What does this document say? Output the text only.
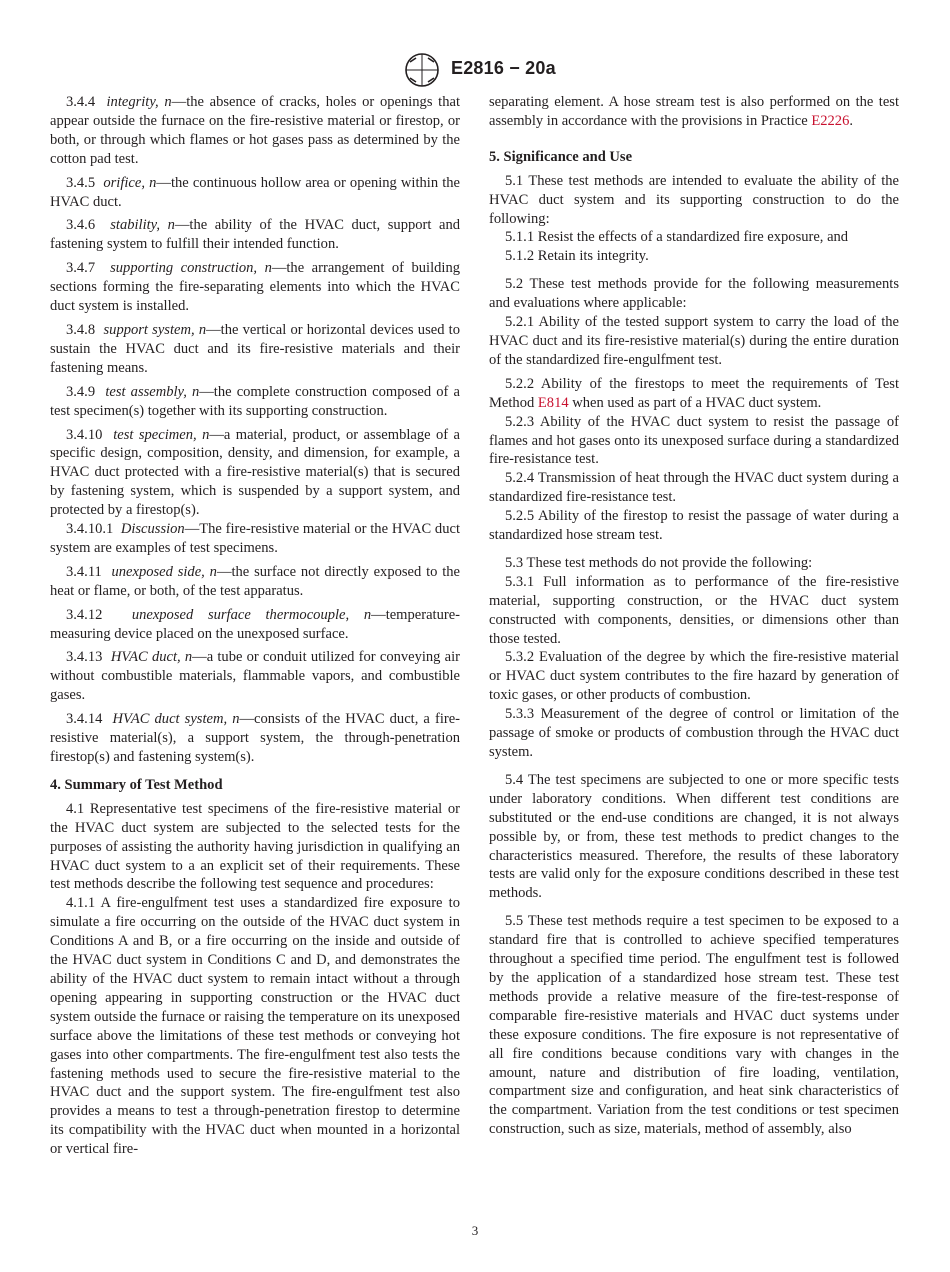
E2816 − 20a

3.4.4 integrity, n—the absence of cracks, holes or openings that appear outside the furnace on the fire-resistive material or firestop, or both, or through which flames or hot gases pass as determined by the cotton pad test.

3.4.5 orifice, n—the continuous hollow area or opening within the HVAC duct.

3.4.6 stability, n—the ability of the HVAC duct, support and fastening system to fulfill their intended function.

3.4.7 supporting construction, n—the arrangement of building sections forming the fire-separating elements into which the HVAC duct system is installed.

3.4.8 support system, n—the vertical or horizontal devices used to sustain the HVAC duct and its fire-resistive materials and their fastening means.

3.4.9 test assembly, n—the complete construction composed of a test specimen(s) together with its supporting construction.

3.4.10 test specimen, n—a material, product, or assemblage of a specific design, composition, density, and dimension, for example, a HVAC duct protected with a fire-resistive material(s) that is secured by fastening system, which is suspended by a support system, and protected by a firestop(s).

3.4.10.1 Discussion—The fire-resistive material or the HVAC duct system are examples of test specimens.

3.4.11 unexposed side, n—the surface not directly exposed to the heat or flame, or both, of the test apparatus.

3.4.12 unexposed surface thermocouple, n—temperature-measuring device placed on the unexposed surface.

3.4.13 HVAC duct, n—a tube or conduit utilized for conveying air without combustible materials, flammable vapors, and combustible gases.

3.4.14 HVAC duct system, n—consists of the HVAC duct, a fire-resistive material(s), a support system, the through-penetration firestop(s) and fastening system(s).

4. Summary of Test Method

4.1 Representative test specimens of the fire-resistive material or the HVAC duct system are subjected to the selected tests for the purposes of assisting the authority having jurisdiction in qualifying an HVAC duct system to a an explicit set of their requirements. These test methods describe the following test sequence and procedures:

4.1.1 A fire-engulfment test uses a standardized fire exposure to simulate a fire occurring on the outside of the HVAC duct system in Conditions A and B, or a fire occurring on the inside and outside of the HVAC duct system in Conditions C and D, and demonstrates the ability of the HVAC duct system to remain intact without a through opening appearing in supporting construction or the HVAC duct system outside the furnace or raising the temperature on its unexposed surface above the limitations of these test methods or conveying hot gases into other compartments. The fire-engulfment test also tests the fastening methods used to secure the fire-resistive material to the HVAC duct and the support system. The fire-engulfment test also provides a means to test a through-penetration firestop to determine its compatibility with the HVAC duct when mounted in a horizontal or vertical fire-

separating element. A hose stream test is also performed on the test assembly in accordance with the provisions in Practice E2226.

5. Significance and Use

5.1 These test methods are intended to evaluate the ability of the HVAC duct system and its supporting construction to do the following:

5.1.1 Resist the effects of a standardized fire exposure, and

5.1.2 Retain its integrity.

5.2 These test methods provide for the following measurements and evaluations where applicable:

5.2.1 Ability of the tested support system to carry the load of the HVAC duct and its fire-resistive material(s) during the entire duration of the standardized fire-engulfment test.

5.2.2 Ability of the firestops to meet the requirements of Test Method E814 when used as part of a HVAC duct system.

5.2.3 Ability of the HVAC duct system to resist the passage of flames and hot gases onto its unexposed surface during a standardized fire-resistance test.

5.2.4 Transmission of heat through the HVAC duct system during a standardized fire-resistance test.

5.2.5 Ability of the firestop to resist the passage of water during a standardized hose stream test.

5.3 These test methods do not provide the following:

5.3.1 Full information as to performance of the fire-resistive material, supporting construction, or the HVAC duct system constructed with components, densities, or dimensions other than those tested.

5.3.2 Evaluation of the degree by which the fire-resistive material or HVAC duct system contributes to the fire hazard by generation of toxic gases, or other products of combustion.

5.3.3 Measurement of the degree of control or limitation of the passage of smoke or products of combustion through the HVAC duct system.

5.4 The test specimens are subjected to one or more specific tests under laboratory conditions. When different test conditions are substituted or the end-use conditions are changed, it is not always possible by, or from, these test methods to predict changes to the characteristics measured. Therefore, the results of these laboratory tests are valid only for the exposure conditions described in these test methods.

5.5 These test methods require a test specimen to be exposed to a standard fire that is controlled to achieve specified temperatures throughout a specified time period. The engulfment test is followed by the application of a standardized hose stream test. These test methods provide a relative measure of the fire-test-response of comparable fire-resistive materials and HVAC duct systems under these exposure conditions. The fire exposure is not representative of all fire conditions because conditions vary with changes in the amount, nature and distribution of fire loading, ventilation, compartment size and configuration, and heat sink characteristics of the compartment. Variation from the test conditions or test specimen construction, such as size, materials, method of assembly, also

3
